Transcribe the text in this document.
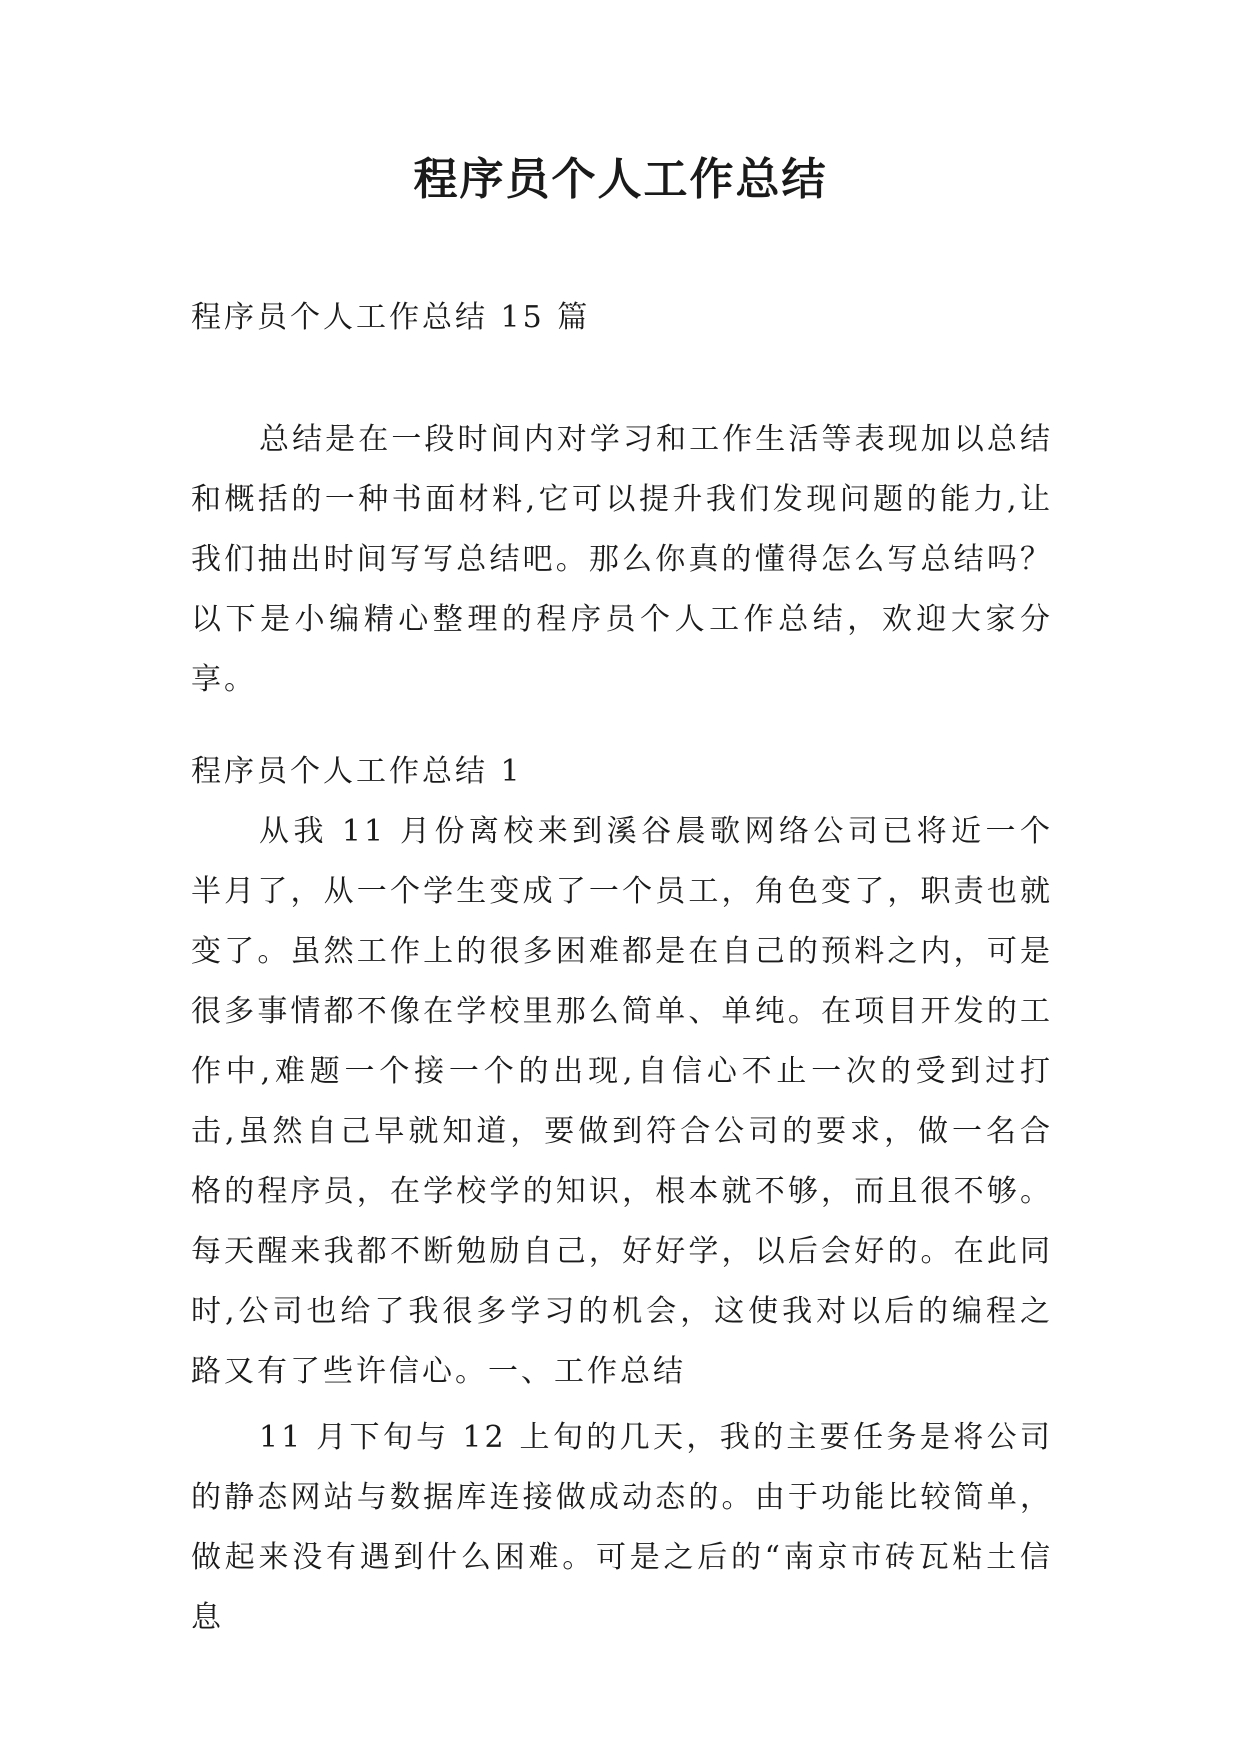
程序员个人工作总结
程序员个人工作总结 15 篇
总结是在一段时间内对学习和工作生活等表现加以总结和概括的一种书面材料,它可以提升我们发现问题的能力,让我们抽出时间写写总结吧。那么你真的懂得怎么写总结吗？以下是小编精心整理的程序员个人工作总结，欢迎大家分享。
程序员个人工作总结 1
从我 11 月份离校来到溪谷晨歌网络公司已将近一个半月了，从一个学生变成了一个员工，角色变了，职责也就变了。虽然工作上的很多困难都是在自己的预料之内，可是很多事情都不像在学校里那么简单、单纯。在项目开发的工作中,难题一个接一个的出现,自信心不止一次的受到过打击,虽然自己早就知道，要做到符合公司的要求，做一名合格的程序员，在学校学的知识，根本就不够，而且很不够。每天醒来我都不断勉励自己，好好学，以后会好的。在此同时,公司也给了我很多学习的机会，这使我对以后的编程之路又有了些许信心。一、工作总结
11 月下旬与 12 上旬的几天，我的主要任务是将公司的静态网站与数据库连接做成动态的。由于功能比较简单，做起来没有遇到什么困难。可是之后的“南京市砖瓦粘土信息
